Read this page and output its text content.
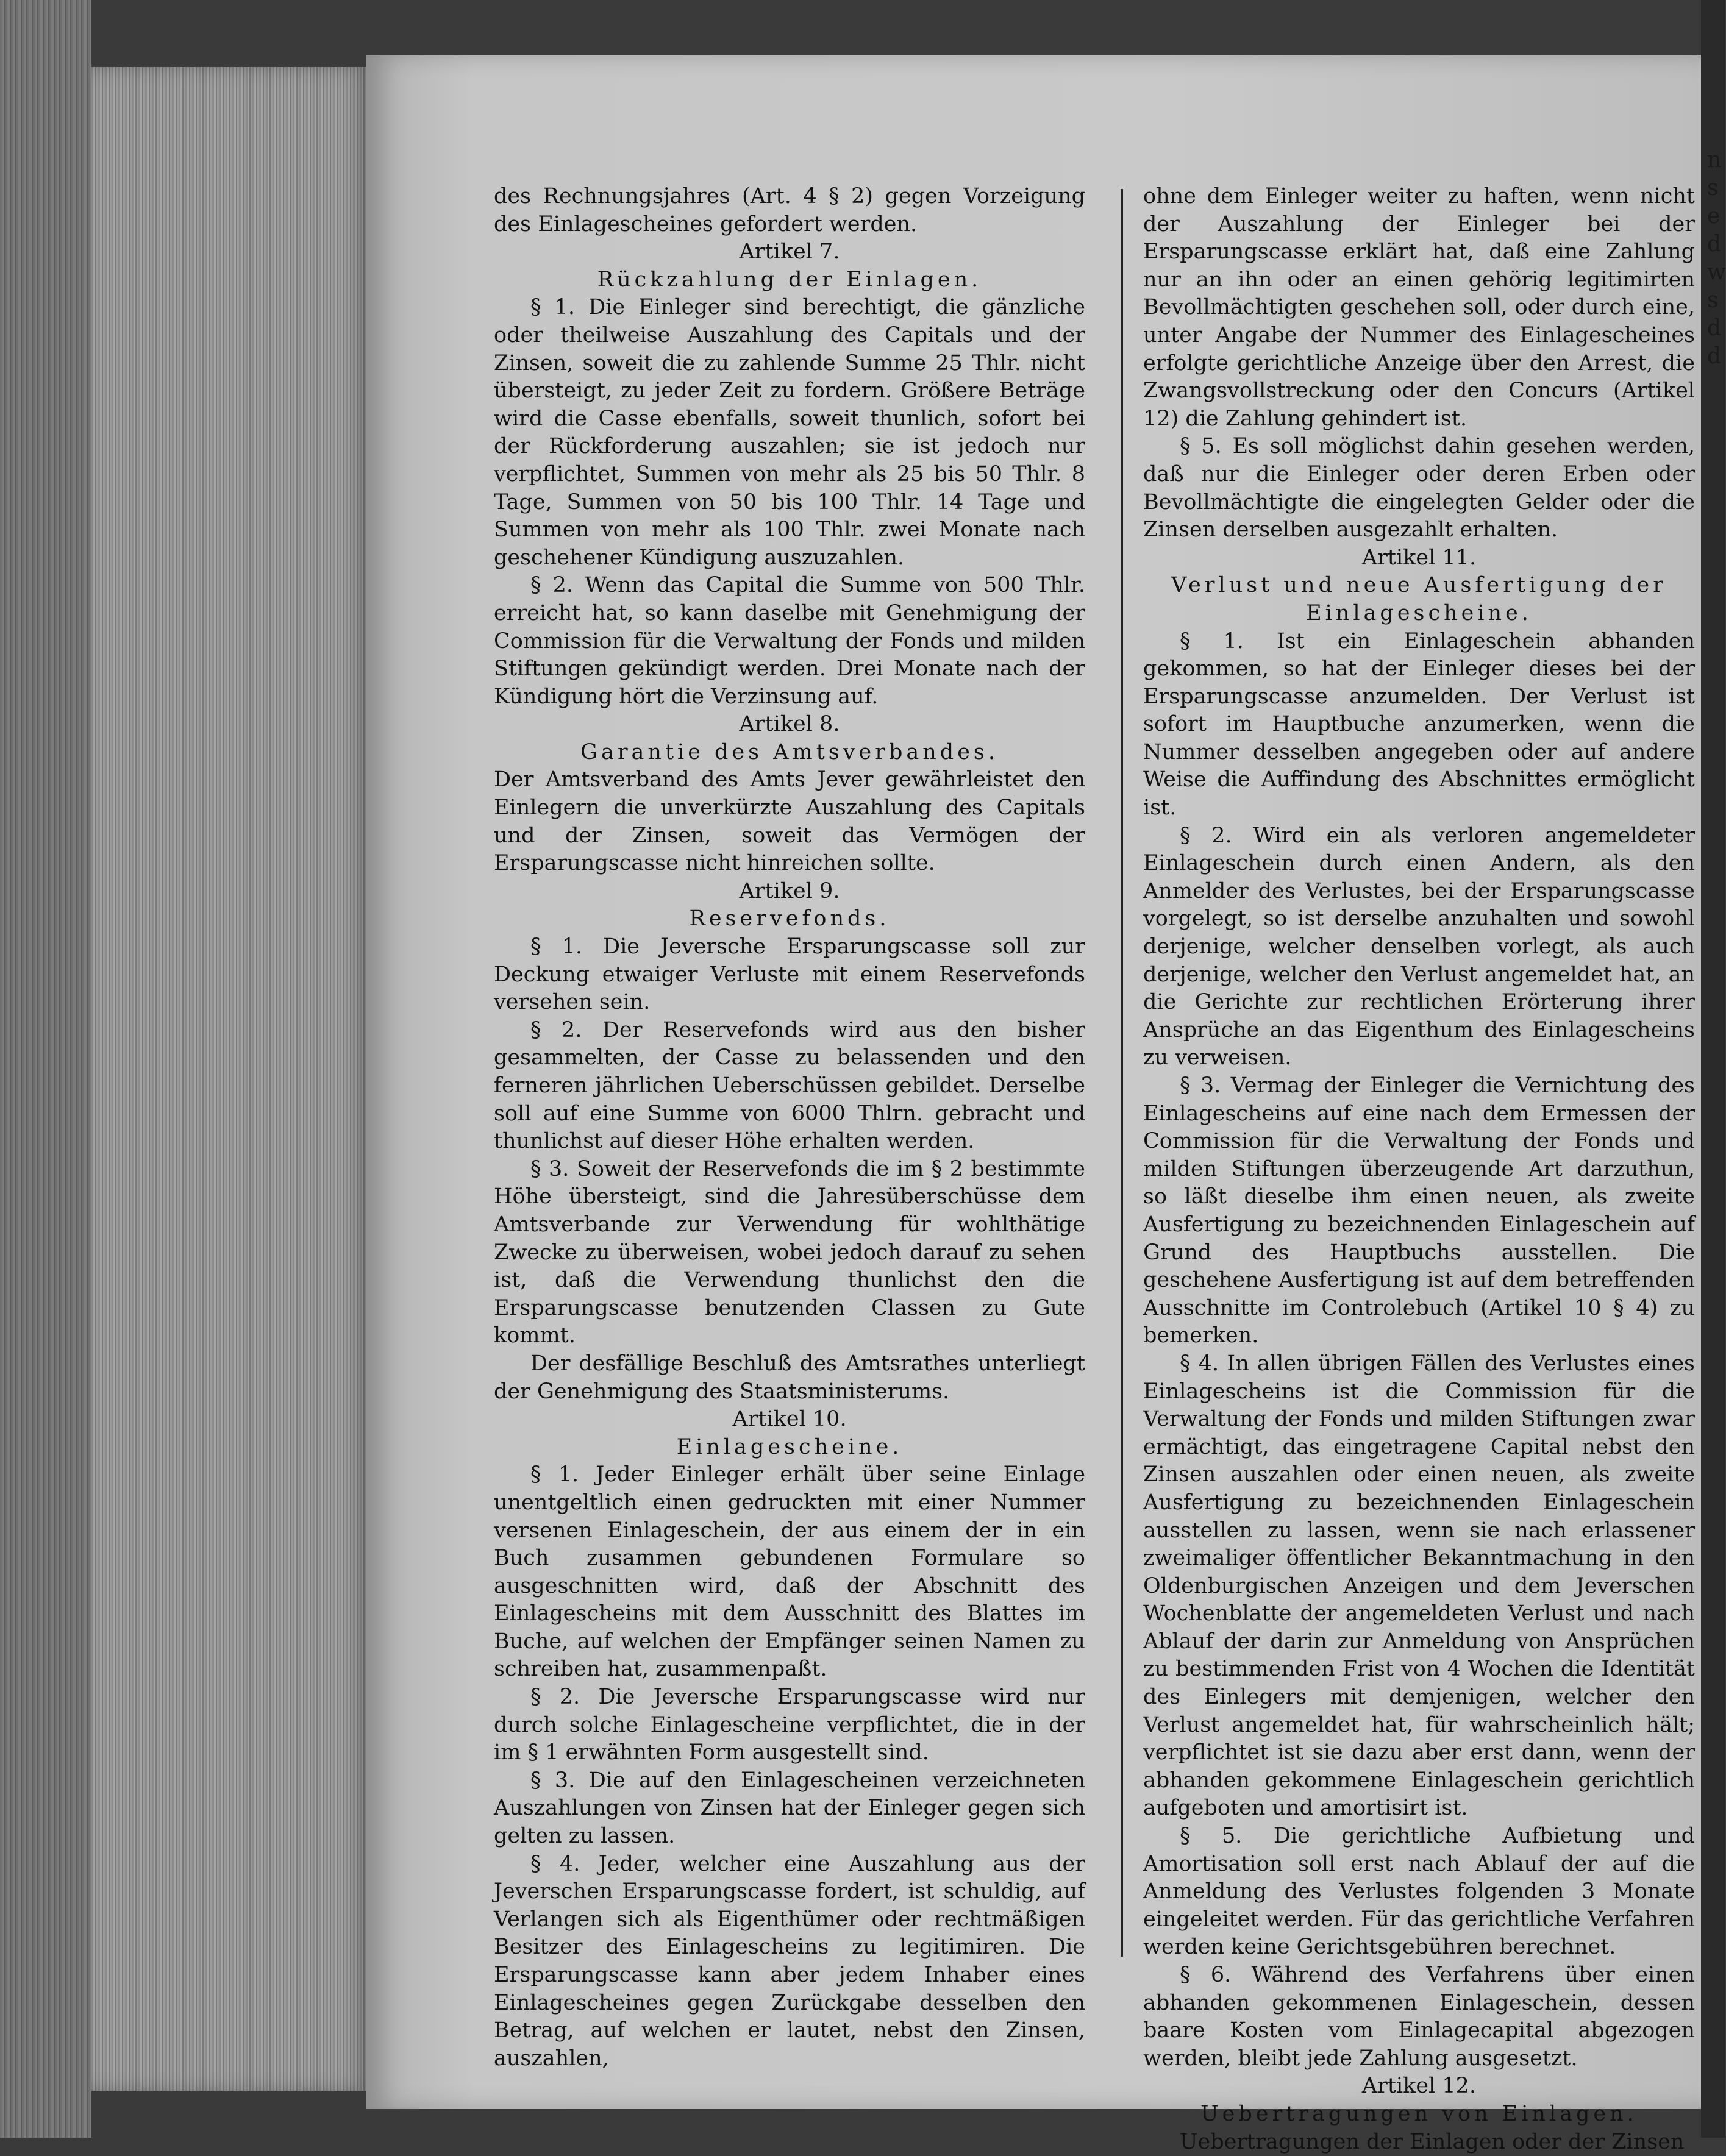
n
s
e
d
w
s
d
d

des Rechnungsjahres (Art. 4 § 2) gegen Vorzeigung des Einlagescheines gefordert werden.

Artikel 7.

Rückzahlung der Einlagen.

§ 1. Die Einleger sind berechtigt, die gänzliche oder theilweise Auszahlung des Capitals und der Zinsen, soweit die zu zahlende Summe 25 Thlr. nicht übersteigt, zu jeder Zeit zu fordern. Größere Beträge wird die Casse ebenfalls, soweit thunlich, sofort bei der Rückforderung auszahlen; sie ist jedoch nur verpflichtet, Summen von mehr als 25 bis 50 Thlr. 8 Tage, Summen von 50 bis 100 Thlr. 14 Tage und Summen von mehr als 100 Thlr. zwei Monate nach geschehener Kündigung auszuzahlen.

§ 2. Wenn das Capital die Summe von 500 Thlr. erreicht hat, so kann daselbe mit Genehmigung der Commission für die Verwaltung der Fonds und milden Stiftungen gekündigt werden. Drei Monate nach der Kündigung hört die Verzinsung auf.

Artikel 8.

Garantie des Amtsverbandes.

Der Amtsverband des Amts Jever gewährleistet den Einlegern die unverkürzte Auszahlung des Capitals und der Zinsen, soweit das Vermögen der Ersparungscasse nicht hinreichen sollte.

Artikel 9.

Reservefonds.

§ 1. Die Jeversche Ersparungscasse soll zur Deckung etwaiger Verluste mit einem Reservefonds versehen sein.

§ 2. Der Reservefonds wird aus den bisher gesammelten, der Casse zu belassenden und den ferneren jährlichen Ueberschüssen gebildet. Derselbe soll auf eine Summe von 6000 Thlrn. gebracht und thunlichst auf dieser Höhe erhalten werden.

§ 3. Soweit der Reservefonds die im § 2 bestimmte Höhe übersteigt, sind die Jahresüberschüsse dem Amtsverbande zur Verwendung für wohlthätige Zwecke zu überweisen, wobei jedoch darauf zu sehen ist, daß die Verwendung thunlichst den die Ersparungscasse benutzenden Classen zu Gute kommt.

Der desfällige Beschluß des Amtsrathes unterliegt der Genehmigung des Staatsministerums.

Artikel 10.

Einlagescheine.

§ 1. Jeder Einleger erhält über seine Einlage unentgeltlich einen gedruckten mit einer Nummer versenen Einlageschein, der aus einem der in ein Buch zusammen gebundenen Formulare so ausgeschnitten wird, daß der Abschnitt des Einlagescheins mit dem Ausschnitt des Blattes im Buche, auf welchen der Empfänger seinen Namen zu schreiben hat, zusammenpaßt.

§ 2. Die Jeversche Ersparungscasse wird nur durch solche Einlagescheine verpflichtet, die in der im § 1 erwähnten Form ausgestellt sind.

§ 3. Die auf den Einlagescheinen verzeichneten Auszahlungen von Zinsen hat der Einleger gegen sich gelten zu lassen.

§ 4. Jeder, welcher eine Auszahlung aus der Jeverschen Ersparungscasse fordert, ist schuldig, auf Verlangen sich als Eigenthümer oder rechtmäßigen Besitzer des Einlagescheins zu legitimiren. Die Ersparungscasse kann aber jedem Inhaber eines Einlagescheines gegen Zurückgabe desselben den Betrag, auf welchen er lautet, nebst den Zinsen, auszahlen,

ohne dem Einleger weiter zu haften, wenn nicht der Auszahlung der Einleger bei der Ersparungscasse erklärt hat, daß eine Zahlung nur an ihn oder an einen gehörig legitimirten Bevollmächtigten geschehen soll, oder durch eine, unter Angabe der Nummer des Einlagescheines erfolgte gerichtliche Anzeige über den Arrest, die Zwangsvollstreckung oder den Concurs (Artikel 12) die Zahlung gehindert ist.

§ 5. Es soll möglichst dahin gesehen werden, daß nur die Einleger oder deren Erben oder Bevollmächtigte die eingelegten Gelder oder die Zinsen derselben ausgezahlt erhalten.

Artikel 11.

Verlust und neue Ausfertigung der Einlagescheine.

§ 1. Ist ein Einlageschein abhanden gekommen, so hat der Einleger dieses bei der Ersparungscasse anzumelden. Der Verlust ist sofort im Hauptbuche anzumerken, wenn die Nummer desselben angegeben oder auf andere Weise die Auffindung des Abschnittes ermöglicht ist.

§ 2. Wird ein als verloren angemeldeter Einlageschein durch einen Andern, als den Anmelder des Verlustes, bei der Ersparungscasse vorgelegt, so ist derselbe anzuhalten und sowohl derjenige, welcher denselben vorlegt, als auch derjenige, welcher den Verlust angemeldet hat, an die Gerichte zur rechtlichen Erörterung ihrer Ansprüche an das Eigenthum des Einlagescheins zu verweisen.

§ 3. Vermag der Einleger die Vernichtung des Einlagescheins auf eine nach dem Ermessen der Commission für die Verwaltung der Fonds und milden Stiftungen überzeugende Art darzuthun, so läßt dieselbe ihm einen neuen, als zweite Ausfertigung zu bezeichnenden Einlageschein auf Grund des Hauptbuchs ausstellen. Die geschehene Ausfertigung ist auf dem betreffenden Ausschnitte im Controlebuch (Artikel 10 § 4) zu bemerken.

§ 4. In allen übrigen Fällen des Verlustes eines Einlagescheins ist die Commission für die Verwaltung der Fonds und milden Stiftungen zwar ermächtigt, das eingetragene Capital nebst den Zinsen auszahlen oder einen neuen, als zweite Ausfertigung zu bezeichnenden Einlageschein ausstellen zu lassen, wenn sie nach erlassener zweimaliger öffentlicher Bekanntmachung in den Oldenburgischen Anzeigen und dem Jeverschen Wochenblatte der angemeldeten Verlust und nach Ablauf der darin zur Anmeldung von Ansprüchen zu bestimmenden Frist von 4 Wochen die Identität des Einlegers mit demjenigen, welcher den Verlust angemeldet hat, für wahrscheinlich hält; verpflichtet ist sie dazu aber erst dann, wenn der abhanden gekommene Einlageschein gerichtlich aufgeboten und amortisirt ist.

§ 5. Die gerichtliche Aufbietung und Amortisation soll erst nach Ablauf der auf die Anmeldung des Verlustes folgenden 3 Monate eingeleitet werden. Für das gerichtliche Verfahren werden keine Gerichtsgebühren berechnet.

§ 6. Während des Verfahrens über einen abhanden gekommenen Einlageschein, dessen baare Kosten vom Einlagecapital abgezogen werden, bleibt jede Zahlung ausgesetzt.

Artikel 12.

Uebertragungen von Einlagen.

Uebertragungen der Einlagen oder der Zinsen
